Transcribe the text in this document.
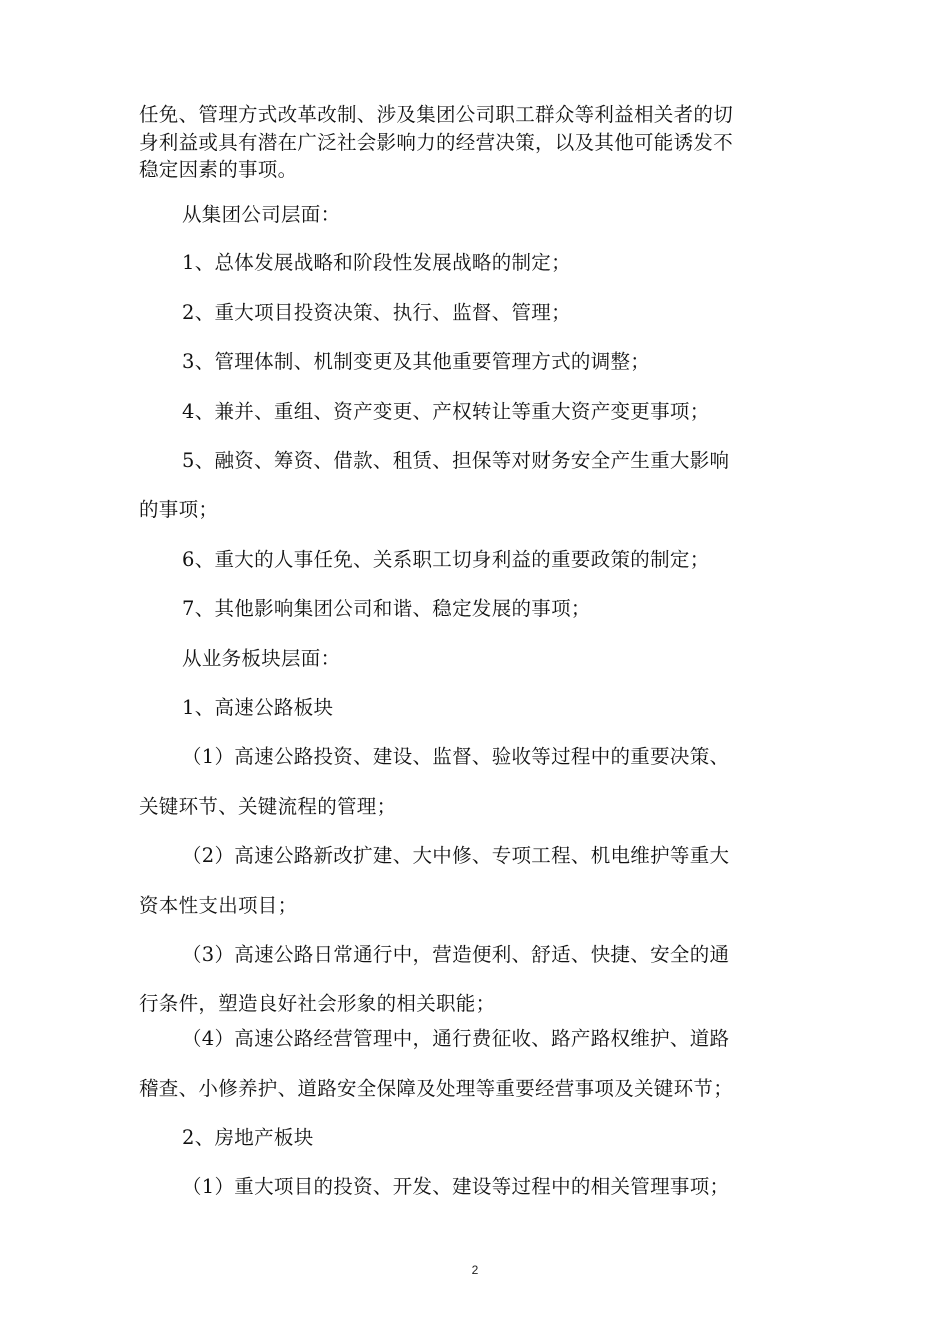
任免、管理方式改革改制、涉及集团公司职工群众等利益相关者的切
身利益或具有潜在广泛社会影响力的经营决策，以及其他可能诱发不
稳定因素的事项。
从集团公司层面：
1、总体发展战略和阶段性发展战略的制定；
2、重大项目投资决策、执行、监督、管理；
3、管理体制、机制变更及其他重要管理方式的调整；
4、兼并、重组、资产变更、产权转让等重大资产变更事项；
5、融资、筹资、借款、租赁、担保等对财务安全产生重大影响
的事项；
6、重大的人事任免、关系职工切身利益的重要政策的制定；
7、其他影响集团公司和谐、稳定发展的事项；
从业务板块层面：
1、高速公路板块
（1）高速公路投资、建设、监督、验收等过程中的重要决策、
关键环节、关键流程的管理；
（2）高速公路新改扩建、大中修、专项工程、机电维护等重大
资本性支出项目；
（3）高速公路日常通行中，营造便利、舒适、快捷、安全的通
行条件，塑造良好社会形象的相关职能；
（4）高速公路经营管理中，通行费征收、路产路权维护、道路
稽查、小修养护、道路安全保障及处理等重要经营事项及关键环节；
2、房地产板块
（1）重大项目的投资、开发、建设等过程中的相关管理事项；
2
